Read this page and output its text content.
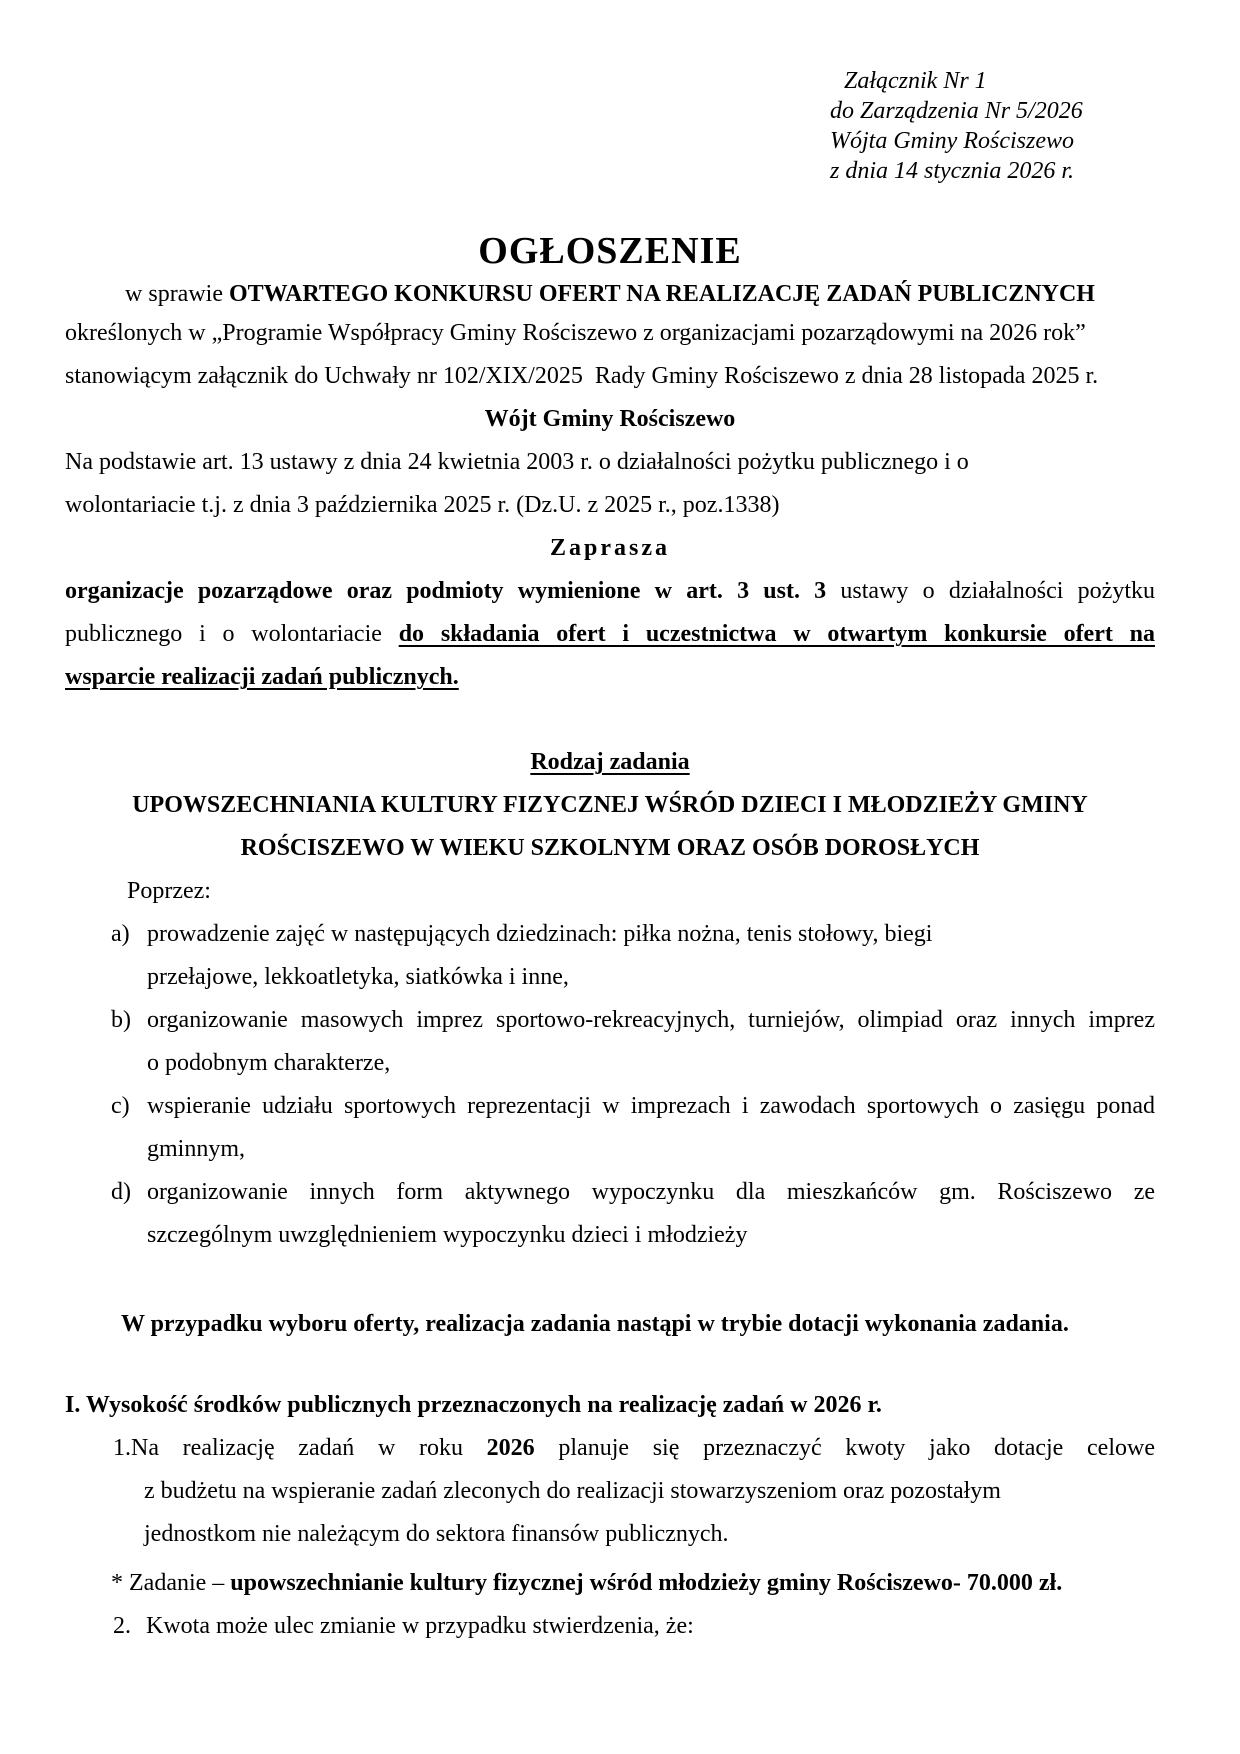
Załącznik Nr 1
do Zarządzenia Nr 5/2026
Wójta Gminy Rościszewo
z dnia 14 stycznia 2026 r.
OGŁOSZENIE
w sprawie OTWARTEGO KONKURSU OFERT NA REALIZACJĘ ZADAŃ PUBLICZNYCH
określonych w „Programie Współpracy Gminy Rościszewo z organizacjami pozarządowymi na 2026 rok”
stanowiącym załącznik do Uchwały nr 102/XIX/2025  Rady Gminy Rościszewo z dnia 28 listopada 2025 r.
Wójt Gminy Rościszewo
Na podstawie art. 13 ustawy z dnia 24 kwietnia 2003 r. o działalności pożytku publicznego i o
wolontariacie t.j. z dnia 3 października 2025 r. (Dz.U. z 2025 r., poz.1338)
Zaprasza
organizacje pozarządowe oraz podmioty wymienione w art. 3 ust. 3 ustawy o działalności pożytku
publicznego i o wolontariacie do składania ofert i uczestnictwa w otwartym konkursie ofert na
wsparcie realizacji zadań publicznych.
Rodzaj zadania
UPOWSZECHNIANIA KULTURY FIZYCZNEJ WŚRÓD DZIECI I MŁODZIEŻY GMINY
ROŚCISZEWO W WIEKU SZKOLNYM ORAZ OSÓB DOROSŁYCH
Poprzez:
a) prowadzenie zajęć w następujących dziedzinach: piłka nożna, tenis stołowy, biegi
przełajowe, lekkoatletyka, siatkówka i inne,
b) organizowanie masowych imprez sportowo-rekreacyjnych, turniejów, olimpiad oraz innych imprez
o podobnym charakterze,
c) wspieranie udziału sportowych reprezentacji w imprezach i zawodach sportowych o zasięgu ponad
gminnym,
d) organizowanie innych form aktywnego wypoczynku dla mieszkańców gm. Rościszewo ze
szczególnym uwzględnieniem wypoczynku dzieci i młodzieży
W przypadku wyboru oferty, realizacja zadania nastąpi w trybie dotacji wykonania zadania.
I. Wysokość środków publicznych przeznaczonych na realizację zadań w 2026 r.
1.Na realizację zadań w roku 2026 planuje się przeznaczyć kwoty jako dotacje celowe
z budżetu na wspieranie zadań zleconych do realizacji stowarzyszeniom oraz pozostałym
jednostkom nie należącym do sektora finansów publicznych.
* Zadanie – upowszechnianie kultury fizycznej wśród młodzieży gminy Rościszewo- 70.000 zł.
2. Kwota może ulec zmianie w przypadku stwierdzenia, że:
